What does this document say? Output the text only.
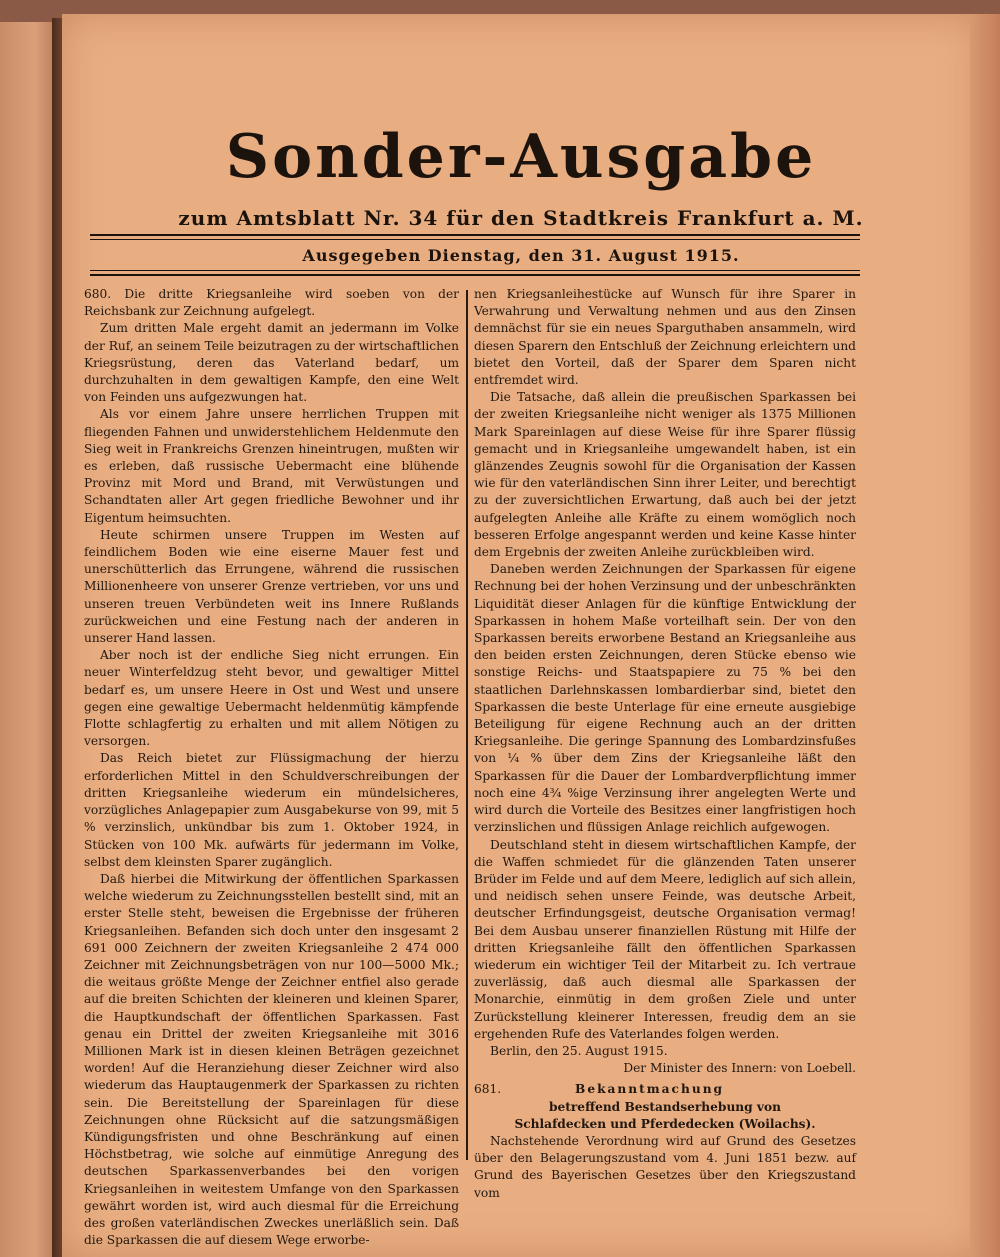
Sonder-Ausgabe
zum Amtsblatt Nr. 34 für den Stadtkreis Frankfurt a. M.
Ausgegeben Dienstag, den 31. August 1915.

680. Die dritte Kriegsanleihe wird soeben von der Reichsbank zur Zeichnung aufgelegt.

Zum dritten Male ergeht damit an jedermann im Volke der Ruf, an seinem Teile beizutragen zu der wirtschaftlichen Kriegsrüstung, deren das Vaterland bedarf, um durchzuhalten in dem gewaltigen Kampfe, den eine Welt von Feinden uns aufgezwungen hat.

Als vor einem Jahre unsere herrlichen Truppen mit fliegenden Fahnen und unwiderstehlichem Heldenmute den Sieg weit in Frankreichs Grenzen hineintrugen, mußten wir es erleben, daß russische Uebermacht eine blühende Provinz mit Mord und Brand, mit Verwüstungen und Schandtaten aller Art gegen friedliche Bewohner und ihr Eigentum heimsuchten.

Heute schirmen unsere Truppen im Westen auf feindlichem Boden wie eine eiserne Mauer fest und unerschütterlich das Errungene, während die russischen Millionenheere von unserer Grenze vertrieben, vor uns und unseren treuen Verbündeten weit ins Innere Rußlands zurückweichen und eine Festung nach der anderen in unserer Hand lassen.

Aber noch ist der endliche Sieg nicht errungen. Ein neuer Winterfeldzug steht bevor, und gewaltiger Mittel bedarf es, um unsere Heere in Ost und West und unsere gegen eine gewaltige Uebermacht heldenmütig kämpfende Flotte schlagfertig zu erhalten und mit allem Nötigen zu versorgen.

Das Reich bietet zur Flüssigmachung der hierzu erforderlichen Mittel in den Schuldverschreibungen der dritten Kriegsanleihe wiederum ein mündelsicheres, vorzügliches Anlagepapier zum Ausgabekurse von 99, mit 5 % verzinslich, unkündbar bis zum 1. Oktober 1924, in Stücken von 100 Mk. aufwärts für jedermann im Volke, selbst dem kleinsten Sparer zugänglich.

Daß hierbei die Mitwirkung der öffentlichen Sparkassen welche wiederum zu Zeichnungsstellen bestellt sind, mit an erster Stelle steht, beweisen die Ergebnisse der früheren Kriegsanleihen. Befanden sich doch unter den insgesamt 2 691 000 Zeichnern der zweiten Kriegsanleihe 2 474 000 Zeichner mit Zeichnungsbeträgen von nur 100—5000 Mk.; die weitaus größte Menge der Zeichner entfiel also gerade auf die breiten Schichten der kleineren und kleinen Sparer, die Hauptkundschaft der öffentlichen Sparkassen. Fast genau ein Drittel der zweiten Kriegsanleihe mit 3016 Millionen Mark ist in diesen kleinen Beträgen gezeichnet worden! Auf die Heranziehung dieser Zeichner wird also wiederum das Hauptaugenmerk der Sparkassen zu richten sein. Die Bereitstellung der Spareinlagen für diese Zeichnungen ohne Rücksicht auf die satzungsmäßigen Kündigungsfristen und ohne Beschränkung auf einen Höchstbetrag, wie solche auf einmütige Anregung des deutschen Sparkassenverbandes bei den vorigen Kriegsanleihen in weitestem Umfange von den Sparkassen gewährt worden ist, wird auch diesmal für die Erreichung des großen vaterländischen Zweckes unerläßlich sein. Daß die Sparkassen die auf diesem Wege erworbe-

nen Kriegsanleihestücke auf Wunsch für ihre Sparer in Verwahrung und Verwaltung nehmen und aus den Zinsen demnächst für sie ein neues Sparguthaben ansammeln, wird diesen Sparern den Entschluß der Zeichnung erleichtern und bietet den Vorteil, daß der Sparer dem Sparen nicht entfremdet wird.

Die Tatsache, daß allein die preußischen Sparkassen bei der zweiten Kriegsanleihe nicht weniger als 1375 Millionen Mark Spareinlagen auf diese Weise für ihre Sparer flüssig gemacht und in Kriegsanleihe umgewandelt haben, ist ein glänzendes Zeugnis sowohl für die Organisation der Kassen wie für den vaterländischen Sinn ihrer Leiter, und berechtigt zu der zuversichtlichen Erwartung, daß auch bei der jetzt aufgelegten Anleihe alle Kräfte zu einem womöglich noch besseren Erfolge angespannt werden und keine Kasse hinter dem Ergebnis der zweiten Anleihe zurückbleiben wird.

Daneben werden Zeichnungen der Sparkassen für eigene Rechnung bei der hohen Verzinsung und der unbeschränkten Liquidität dieser Anlagen für die künftige Entwicklung der Sparkassen in hohem Maße vorteilhaft sein. Der von den Sparkassen bereits erworbene Bestand an Kriegsanleihe aus den beiden ersten Zeichnungen, deren Stücke ebenso wie sonstige Reichs- und Staatspapiere zu 75 % bei den staatlichen Darlehnskassen lombardierbar sind, bietet den Sparkassen die beste Unterlage für eine erneute ausgiebige Beteiligung für eigene Rechnung auch an der dritten Kriegsanleihe. Die geringe Spannung des Lombardzinsfußes von ¼ % über dem Zins der Kriegsanleihe läßt den Sparkassen für die Dauer der Lombardverpflichtung immer noch eine 4¾ %ige Verzinsung ihrer angelegten Werte und wird durch die Vorteile des Besitzes einer langfristigen hoch verzinslichen und flüssigen Anlage reichlich aufgewogen.

Deutschland steht in diesem wirtschaftlichen Kampfe, der die Waffen schmiedet für die glänzenden Taten unserer Brüder im Felde und auf dem Meere, lediglich auf sich allein, und neidisch sehen unsere Feinde, was deutsche Arbeit, deutscher Erfindungsgeist, deutsche Organisation vermag! Bei dem Ausbau unserer finanziellen Rüstung mit Hilfe der dritten Kriegsanleihe fällt den öffentlichen Sparkassen wiederum ein wichtiger Teil der Mitarbeit zu. Ich vertraue zuverlässig, daß auch diesmal alle Sparkassen der Monarchie, einmütig in dem großen Ziele und unter Zurückstellung kleinerer Interessen, freudig dem an sie ergehenden Rufe des Vaterlandes folgen werden.

Berlin, den 25. August 1915.

Der Minister des Innern: von Loebell.

681.	Bekanntmachung

betreffend Bestandserhebung von Schlafdecken und Pferdedecken (Woilachs).

Nachstehende Verordnung wird auf Grund des Gesetzes über den Belagerungszustand vom 4. Juni 1851 bezw. auf Grund des Bayerischen Gesetzes über den Kriegszustand vom
